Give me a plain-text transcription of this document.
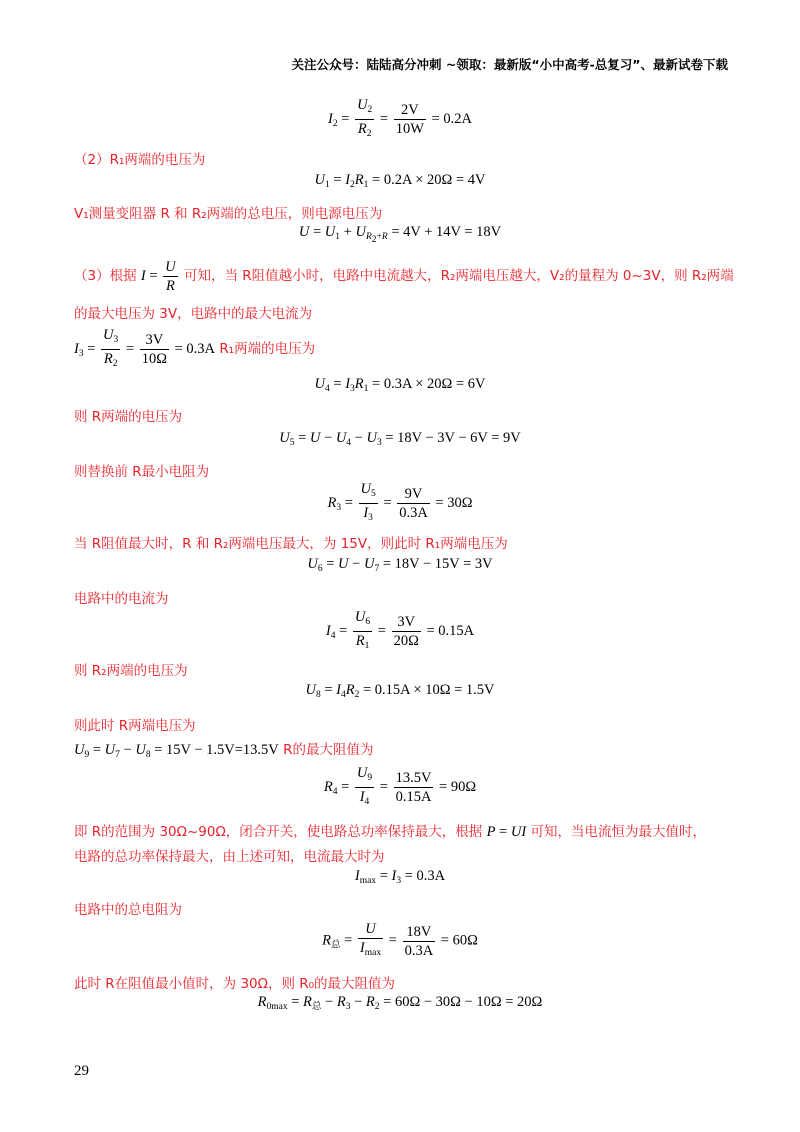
关注公众号：陆陆高分冲刺 ~领取：最新版“小中高考-总复习”、最新试卷下载
$I_2 = \frac{U_2}{R_2} = \frac{2V}{10W} = 0.2A$
（2）R₁两端的电压为
$U_1 = I_2R_1 = 0.2A \times 20\Omega = 4V$
V₁测量变阻器 R 和 R₂两端的总电压，则电源电压为
$U = U_1 + U_{R_2+R} = 4V + 14V = 18V$
（3）根据 $I = \frac{U}{R}$ 可知，当 R阻值越小时，电路中电流越大，R₂两端电压越大，V₂的量程为 0~3V，则 R₂两端
的最大电压为 3V，电路中的最大电流为
$I_3 = \frac{U_3}{R_2} = \frac{3V}{10\Omega} = 0.3A$ R₁两端的电压为
$U_4 = I_3R_1 = 0.3A \times 20\Omega = 6V$
则 R两端的电压为
$U_5 = U - U_4 - U_3 = 18V - 3V - 6V = 9V$
则替换前 R最小电阻为
$R_3 = \frac{U_5}{I_3} = \frac{9V}{0.3A} = 30\Omega$
当 R阻值最大时，R 和 R₂两端电压最大，为 15V，则此时 R₁两端电压为
$U_6 = U - U_7 = 18V - 15V = 3V$
电路中的电流为
$I_4 = \frac{U_6}{R_1} = \frac{3V}{20\Omega} = 0.15A$
则 R₂两端的电压为
$U_8 = I_4R_2 = 0.15A \times 10\Omega = 1.5V$
则此时 R两端电压为
$U_9 = U_7 - U_8 = 15V - 1.5V=13.5V$ R的最大阻值为
$R_4 = \frac{U_9}{I_4} = \frac{13.5V}{0.15A} = 90\Omega$
即 R的范围为 30Ω~90Ω，闭合开关，使电路总功率保持最大，根据 P = UI 可知，当电流恒为最大值时，
电路的总功率保持最大，由上述可知，电流最大时为
$I_{max} = I_3 = 0.3A$
电路中的总电阻为
$R_总 = \frac{U}{I_{max}} = \frac{18V}{0.3A} = 60\Omega$
此时 R在阻值最小值时，为 30Ω，则 R₀的最大阻值为
$R_{0max} = R_总 - R_3 - R_2 = 60\Omega - 30\Omega - 10\Omega = 20\Omega$
29
